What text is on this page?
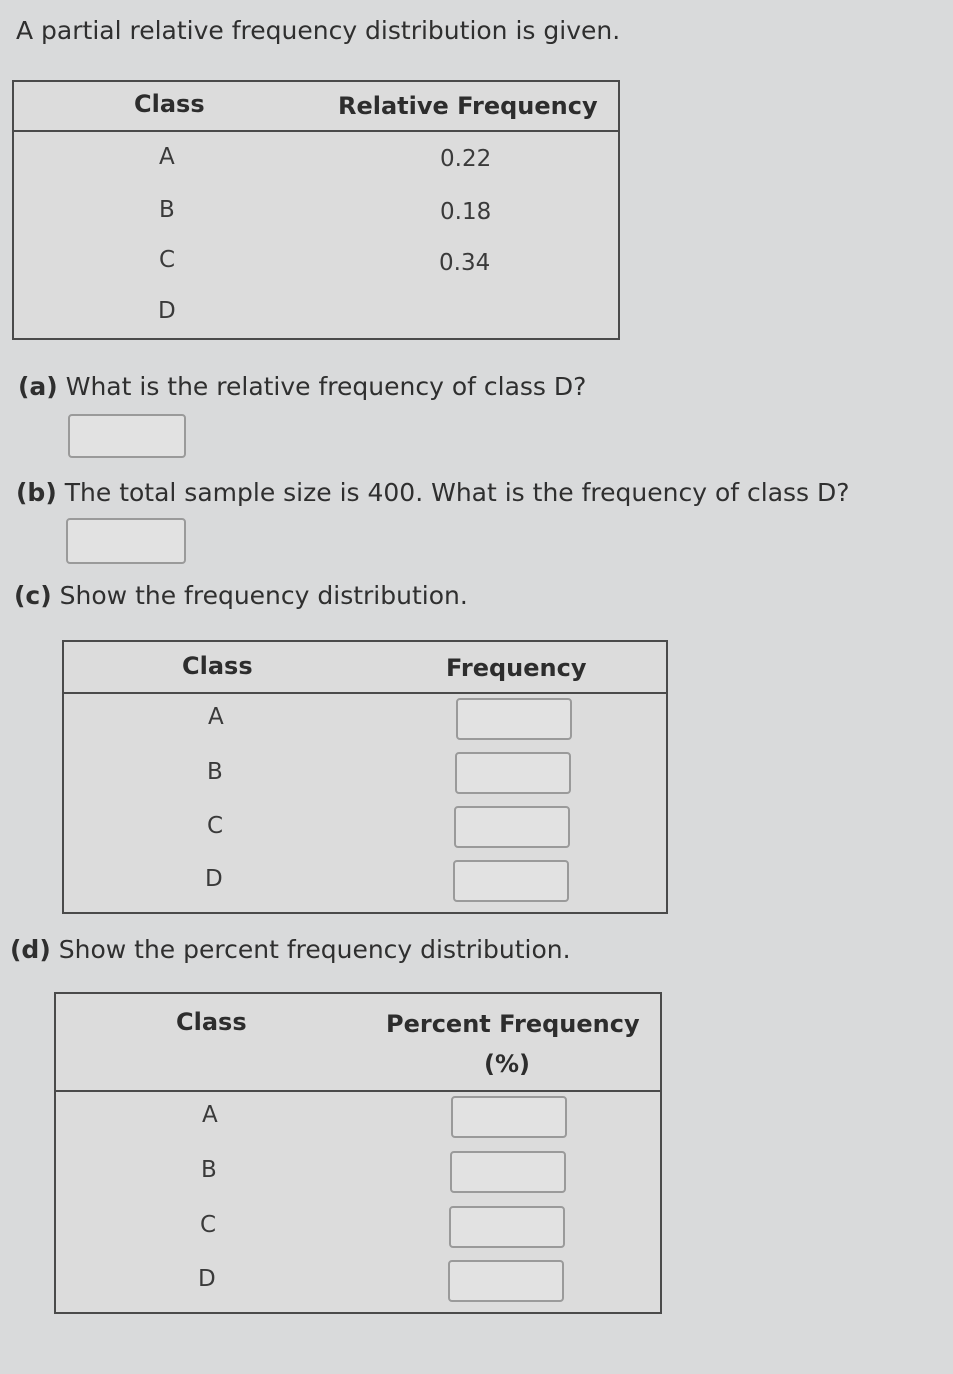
A partial relative frequency distribution is given.
Class	Relative Frequency
A	0.22
B	0.18
C	0.34
D
(a) What is the relative frequency of class D?
(b) The total sample size is 400. What is the frequency of class D?
(c) Show the frequency distribution.
Class	Frequency
A
B
C
D
(d) Show the percent frequency distribution.
Class	Percent Frequency
(%)
A
B
C
D
